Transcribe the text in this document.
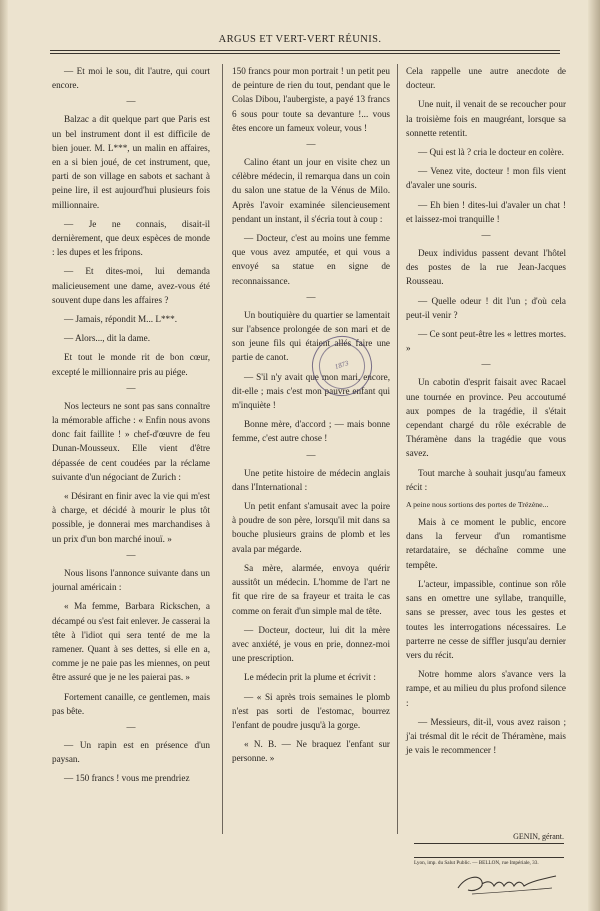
ARGUS ET VERT-VERT RÉUNIS.

— Et moi le sou, dit l'autre, qui court encore.

—

Balzac a dit quelque part que Paris est un bel instrument dont il est difficile de bien jouer. M. L***, un malin en affaires, en a si bien joué, de cet instrument, que, parti de son village en sabots et sachant à peine lire, il est aujourd'hui plusieurs fois millionnaire.

— Je ne connais, disait-il dernièrement, que deux espèces de monde : les dupes et les fripons.

— Et dites-moi, lui demanda malicieusement une dame, avez-vous été souvent dupe dans les affaires ?

— Jamais, répondit M... L***.

— Alors..., dit la dame.

Et tout le monde rit de bon cœur, excepté le millionnaire pris au piége.

—

Nos lecteurs ne sont pas sans connaître la mémorable affiche : « Enfin nous avons donc fait faillite ! » chef-d'œuvre de feu Dunan-Mousseux. Elle vient d'être dépassée de cent coudées par la réclame suivante d'un négociant de Zurich :

« Désirant en finir avec la vie qui m'est à charge, et décidé à mourir le plus tôt possible, je donnerai mes marchandises à un prix d'un bon marché inouï. »

—

Nous lisons l'annonce suivante dans un journal américain :

« Ma femme, Barbara Rickschen, a décampé ou s'est fait enlever. Je casserai la tête à l'idiot qui sera tenté de me la ramener. Quant à ses dettes, si elle en a, comme je ne paie pas les miennes, on peut être assuré que je ne les paierai pas. »

Fortement canaille, ce gentlemen, mais pas bête.

—

— Un rapin est en présence d'un paysan.

— 150 francs ! vous me prendriez

150 francs pour mon portrait ! un petit peu de peinture de rien du tout, pendant que le Colas Dibou, l'aubergiste, a payé 13 francs 6 sous pour toute sa devanture !... vous êtes encore un fameux voleur, vous !

—

Calino étant un jour en visite chez un célèbre médecin, il remarqua dans un coin du salon une statue de la Vénus de Milo. Après l'avoir examinée silencieusement pendant un instant, il s'écria tout à coup :

— Docteur, c'est au moins une femme que vous avez amputée, et qui vous a envoyé sa statue en signe de reconnaissance.

—

Un boutiquière du quartier se lamentait sur l'absence prolongée de son mari et de son jeune fils qui étaient allés faire une partie de canot.

— S'il n'y avait que mon mari, encore, dit-elle ; mais c'est mon pauvre enfant qui m'inquiète !

Bonne mère, d'accord ; — mais bonne femme, c'est autre chose !

—

Une petite histoire de médecin anglais dans l'International :

Un petit enfant s'amusait avec la poire à poudre de son père, lorsqu'il mit dans sa bouche plusieurs grains de plomb et les avala par mégarde.

Sa mère, alarmée, envoya quérir aussitôt un médecin. L'homme de l'art ne fit que rire de sa frayeur et traita le cas comme on ferait d'un simple mal de tête.

— Docteur, docteur, lui dit la mère avec anxiété, je vous en prie, donnez-moi une prescription.

Le médecin prit la plume et écrivit :

— « Si après trois semaines le plomb n'est pas sorti de l'estomac, bourrez l'enfant de poudre jusqu'à la gorge.

« N. B. — Ne braquez l'enfant sur personne. »

Cela rappelle une autre anecdote de docteur.

Une nuit, il venait de se recoucher pour la troisième fois en maugréant, lorsque sa sonnette retentit.

— Qui est là ? cria le docteur en colère.

— Venez vite, docteur ! mon fils vient d'avaler une souris.

— Eh bien ! dites-lui d'avaler un chat ! et laissez-moi tranquille !

—

Deux individus passent devant l'hôtel des postes de la rue Jean-Jacques Rousseau.

— Quelle odeur ! dit l'un ; d'où cela peut-il venir ?

— Ce sont peut-être les « lettres mortes. »

—

Un cabotin d'esprit faisait avec Racael une tournée en province. Peu accoutumé aux pompes de la tragédie, il s'était cependant chargé du rôle exécrable de Théramène dans la tragédie que vous savez.

Tout marche à souhait jusqu'au fameux récit :

A peine nous sortions des portes de Trézène...

Mais à ce moment le public, encore dans la ferveur d'un romantisme retardataire, se déchaîne comme une tempête.

L'acteur, impassible, continue son rôle sans en omettre une syllabe, tranquille, sans se presser, avec tous les gestes et toutes les interrogations nécessaires. Le parterre ne cesse de siffler jusqu'au dernier vers du récit.

Notre homme alors s'avance vers la rampe, et au milieu du plus profond silence :

— Messieurs, dit-il, vous avez raison ; j'ai trésmal dit le récit de Théramène, mais je vais le recommencer !

1873
GENIN, gérant.
Lyon, imp. du Salut Public. — BELLON, rue Impériale, 33.
